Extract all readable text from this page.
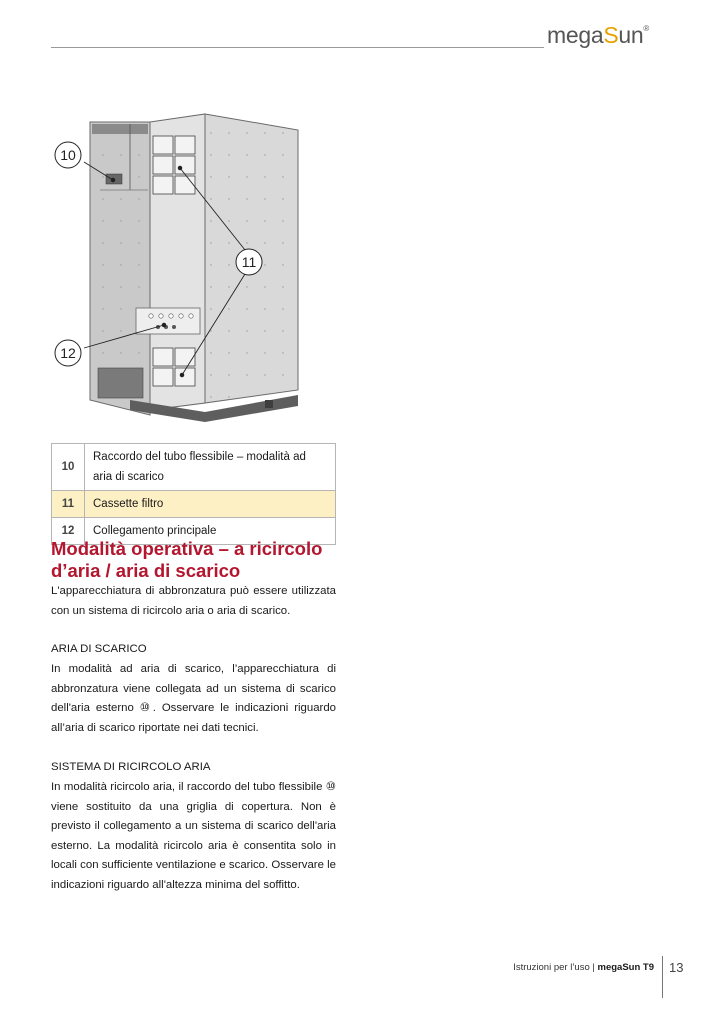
megaSun®
10
11
12
10	Raccordo del tubo flessibile – modalità ad aria di scarico
11	Cassette filtro
12	Collegamento principale
Modalità operativa – a ricircolo d’aria / aria di scarico

L'apparecchiatura di abbronzatura può essere utilizzata con un sistema di ricircolo aria o aria di scarico.

ARIA DI SCARICO

In modalità ad aria di scarico, l’apparecchiatura di abbronzatura viene collegata ad un sistema di scarico dell'aria esterno ⑩. Osservare le indicazioni riguardo all’aria di scarico riportate nei dati tecnici.

SISTEMA DI RICIRCOLO ARIA

In modalità ricircolo aria, il raccordo del tubo flessibile ⑩ viene sostituito da una griglia di copertura. Non è previsto il collegamento a un sistema di scarico dell'aria esterno. La modalità ricircolo aria è consentita solo in locali con sufficiente ventilazione e scarico. Osservare le indicazioni riguardo all'altezza minima del soffitto.

Istruzioni per l’uso | megaSun T9 13
